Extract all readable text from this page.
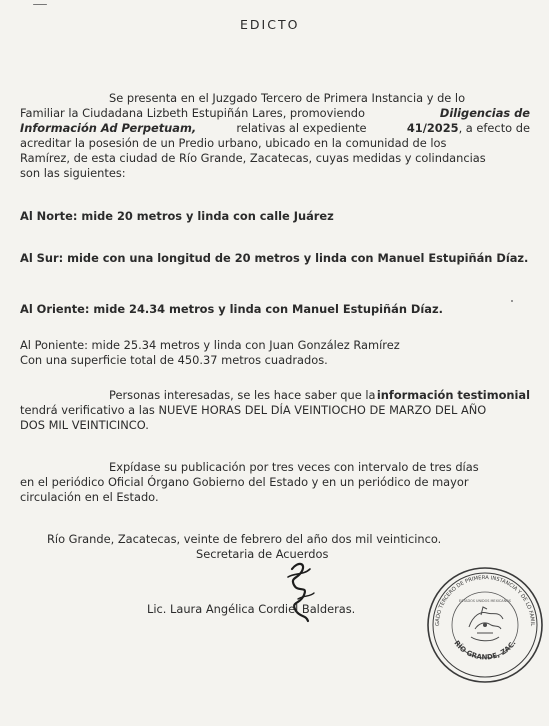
EDICTO
Se presenta en el Juzgado Tercero de Primera Instancia y de lo
Familiar la Ciudadana Lizbeth Estupiñán Lares, promoviendo	Diligencias de
Información Ad Perpetuam,	relativas al expediente	41/2025, a efecto de
acreditar la posesión de un Predio urbano, ubicado en la comunidad de los
Ramírez, de esta ciudad de Río Grande, Zacatecas, cuyas medidas y colindancias
son las siguientes:
Al Norte: mide 20 metros y linda con calle Juárez
Al Sur: mide con una longitud de 20 metros y linda con Manuel Estupiñán Díaz.
Al Oriente: mide 24.34 metros y linda con Manuel Estupiñán Díaz.
Al Poniente: mide 25.34 metros y linda con Juan González Ramírez
Con una superficie total de 450.37 metros cuadrados.
Personas interesadas, se les hace saber que la información testimonial
tendrá verificativo a las NUEVE HORAS DEL DÍA VEINTIOCHO DE MARZO DEL AÑO
DOS MIL VEINTICINCO.
Expídase su publicación por tres veces con intervalo de tres días
en el periódico Oficial Órgano Gobierno del Estado y en un periódico de mayor
circulación en el Estado.
Río Grande, Zacatecas, veinte de febrero del año dos mil veinticinco.
Secretaria de Acuerdos
Lic. Laura Angélica Cordiel Balderas.
GADO TERCERO DE PRIMERA INSTANCIA Y DE LO FAMIL
RÍO GRANDE, ZAC.
ESTADOS UNIDOS MEXICANOS
